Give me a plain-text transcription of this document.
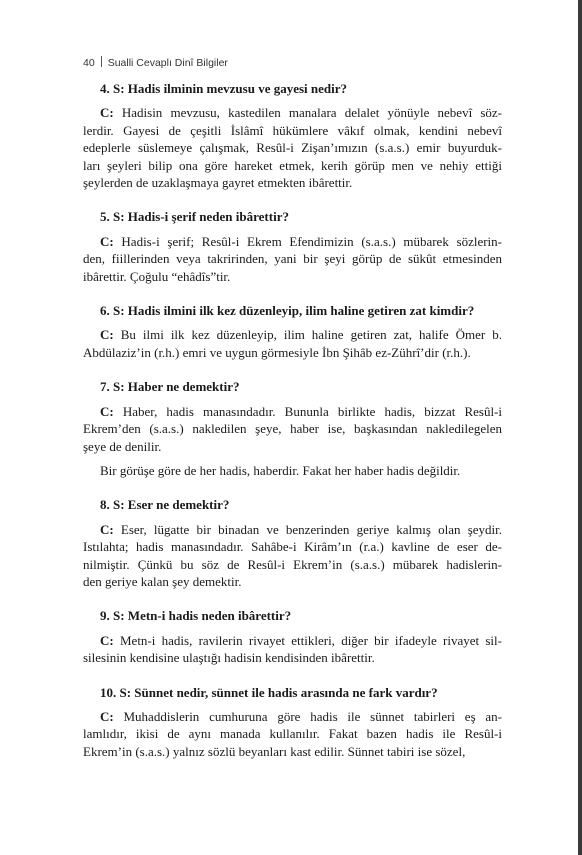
40 Sualli Cevaplı Dinî Bilgiler
4. S: Hadis ilminin mevzusu ve gayesi nedir?
C: Hadisin mevzusu, kastedilen manalara delalet yönüyle nebevî söz-
lerdir. Gayesi de çeşitli İslâmî hükümlere vâkıf olmak, kendini nebevî
edeplerle süslemeye çalışmak, Resûl-i Zişan’ımızın (s.a.s.) emir buyurduk-
ları şeyleri bilip ona göre hareket etmek, kerih görüp men ve nehiy ettiği
şeylerden de uzaklaşmaya gayret etmekten ibârettir.
5. S: Hadis-i şerif neden ibârettir?
C: Hadis-i şerif; Resûl-i Ekrem Efendimizin (s.a.s.) mübarek sözlerin-
den, fiillerinden veya takririnden, yani bir şeyi görüp de sükût etmesinden
ibârettir. Çoğulu “ehâdîs”tir.
6. S: Hadis ilmini ilk kez düzenleyip, ilim haline getiren zat kimdir?
C: Bu ilmi ilk kez düzenleyip, ilim haline getiren zat, halife Ömer b.
Abdülaziz’in (r.h.) emri ve uygun görmesiyle İbn Şihâb ez-Zührî’dir (r.h.).
7. S: Haber ne demektir?
C: Haber, hadis manasındadır. Bununla birlikte hadis, bizzat Resûl-i
Ekrem’den (s.a.s.) nakledilen şeye, haber ise, başkasından nakledilegelen
şeye de denilir.
Bir görüşe göre de her hadis, haberdir. Fakat her haber hadis değildir.
8. S: Eser ne demektir?
C: Eser, lügatte bir binadan ve benzerinden geriye kalmış olan şeydir.
Istılahta; hadis manasındadır. Sahâbe-i Kirâm’ın (r.a.) kavline de eser de-
nilmiştir. Çünkü bu söz de Resûl-i Ekrem’in (s.a.s.) mübarek hadislerin-
den geriye kalan şey demektir.
9. S: Metn-i hadis neden ibârettir?
C: Metn-i hadis, ravilerin rivayet ettikleri, diğer bir ifadeyle rivayet sil-
silesinin kendisine ulaştığı hadisin kendisinden ibârettir.
10. S: Sünnet nedir, sünnet ile hadis arasında ne fark vardır?
C: Muhaddislerin cumhuruna göre hadis ile sünnet tabirleri eş an-
lamlıdır, ikisi de aynı manada kullanılır. Fakat bazen hadis ile Resûl-i
Ekrem’in (s.a.s.) yalnız sözlü beyanları kast edilir. Sünnet tabiri ise sözel,
